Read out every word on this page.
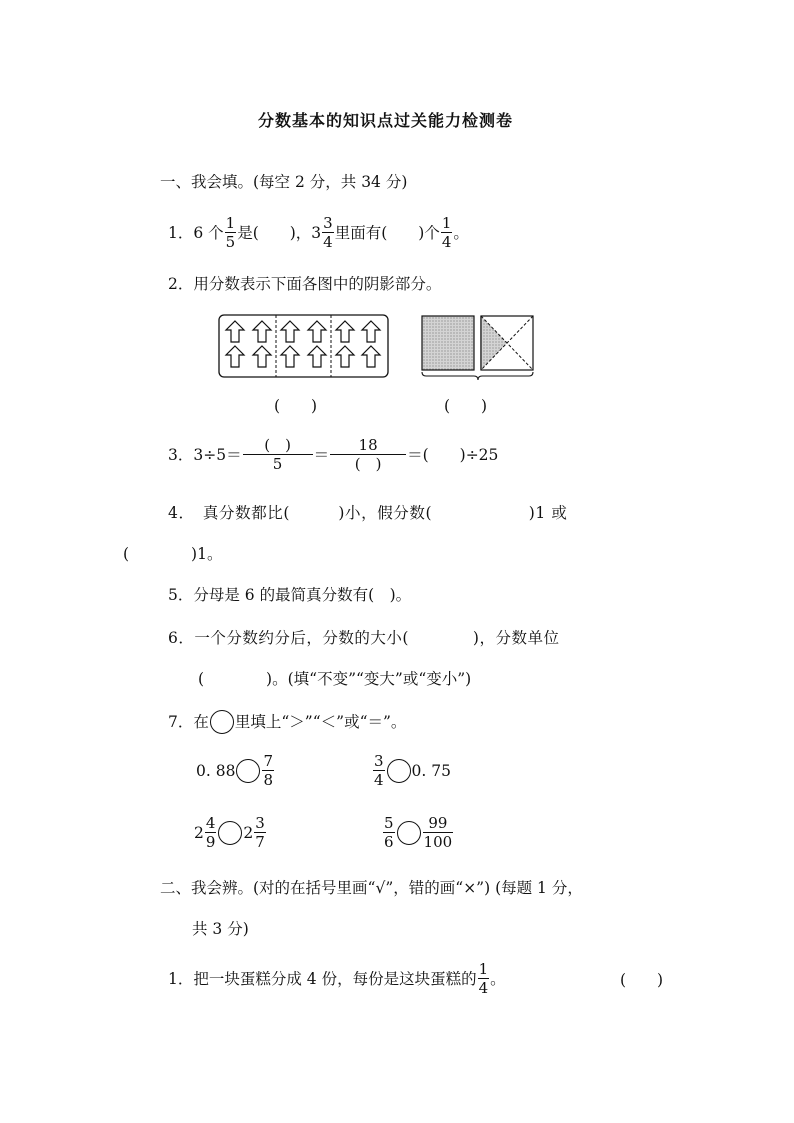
分数基本的知识点过关能力检测卷
一、我会填。(每空 2 分，共 34 分)
1．6 个 $\frac{1}{5}$ 是(　　)，$3 \frac{3}{4}$ 里面有(　　)个 $\frac{1}{4}$ 。
2．用分数表示下面各图中的阴影部分。
(　　)	(　　)
3．$3\div 5= \frac{( )}{5} = \frac{18}{( )}$ ＝(　　)÷25
4．　真分数都比(　　　)小，假分数(　　　　　　)1 或
(　　　　)1。
5．分母是 6 的最简真分数有(　)。
6．一个分数约分后，分数的大小(　　　　)，分数单位
(　　　　)。(填“不变”“变大”或“变小”)
7．在 里填上“＞”“＜”或“＝”。
0. $88 \frac{7}{8}$	$\frac{3}{4} 0$. 75
$2 \frac{4}{9} 2 \frac{3}{7}$	$\frac{5}{6} \frac{99}{100}$
二、我会辨。(对的在括号里画“√”，错的画“×”) (每题 1 分，
共 3 分)
1．把一块蛋糕分成 4 份，每份是这块蛋糕的 $\frac{1}{4}$ 。	(　　)
